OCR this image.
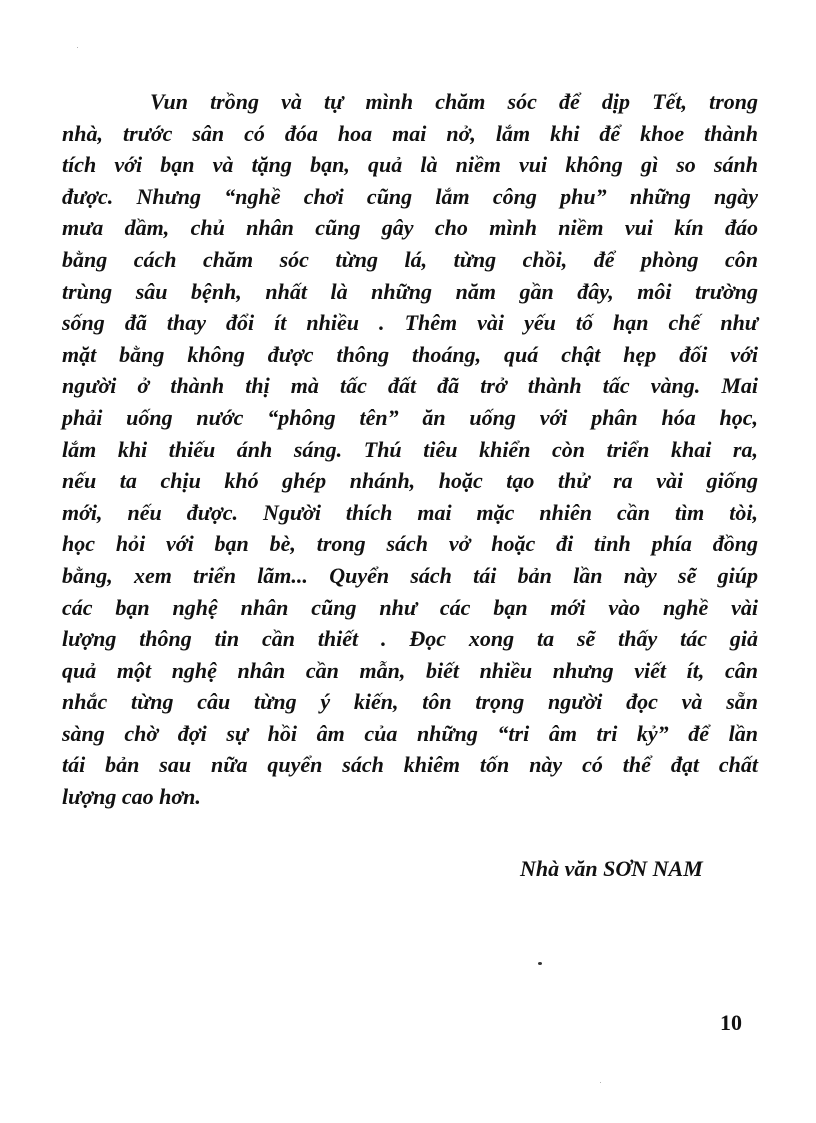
Vun trồng và tự mình chăm sóc để dịp Tết, trong
nhà, trước sân có đóa hoa mai nở, lắm khi để khoe thành
tích với bạn và tặng bạn, quả là niềm vui không gì so sánh
được. Nhưng “nghề chơi cũng lắm công phu” những ngày
mưa dầm, chủ nhân cũng gây cho mình niềm vui kín đáo
bằng cách chăm sóc từng lá, từng chồi, để phòng côn
trùng sâu bệnh, nhất là những năm gần đây, môi trường
sống đã thay đổi ít nhiều . Thêm vài yếu tố hạn chế như
mặt bằng không được thông thoáng, quá chật hẹp đối với
người ở thành thị mà tấc đất đã trở thành tấc vàng. Mai
phải uống nước “phông tên” ăn uống với phân hóa học,
lắm khi thiếu ánh sáng. Thú tiêu khiển còn triển khai ra,
nếu ta chịu khó ghép nhánh, hoặc tạo thử ra vài giống
mới, nếu được. Người thích mai mặc nhiên cần tìm tòi,
học hỏi với bạn bè, trong sách vở hoặc đi tỉnh phía đồng
bằng, xem triển lãm... Quyển sách tái bản lần này sẽ giúp
các bạn nghệ nhân cũng như các bạn mới vào nghề vài
lượng thông tin cần thiết . Đọc xong ta sẽ thấy tác giả
quả một nghệ nhân cần mẫn, biết nhiều nhưng viết ít, cân
nhắc từng câu từng ý kiến, tôn trọng người đọc và sẵn
sàng chờ đợi sự hồi âm của những “tri âm tri kỷ” để lần
tái bản sau nữa quyển sách khiêm tốn này có thể đạt chất
lượng cao hơn.
Nhà văn SƠN NAM
10
